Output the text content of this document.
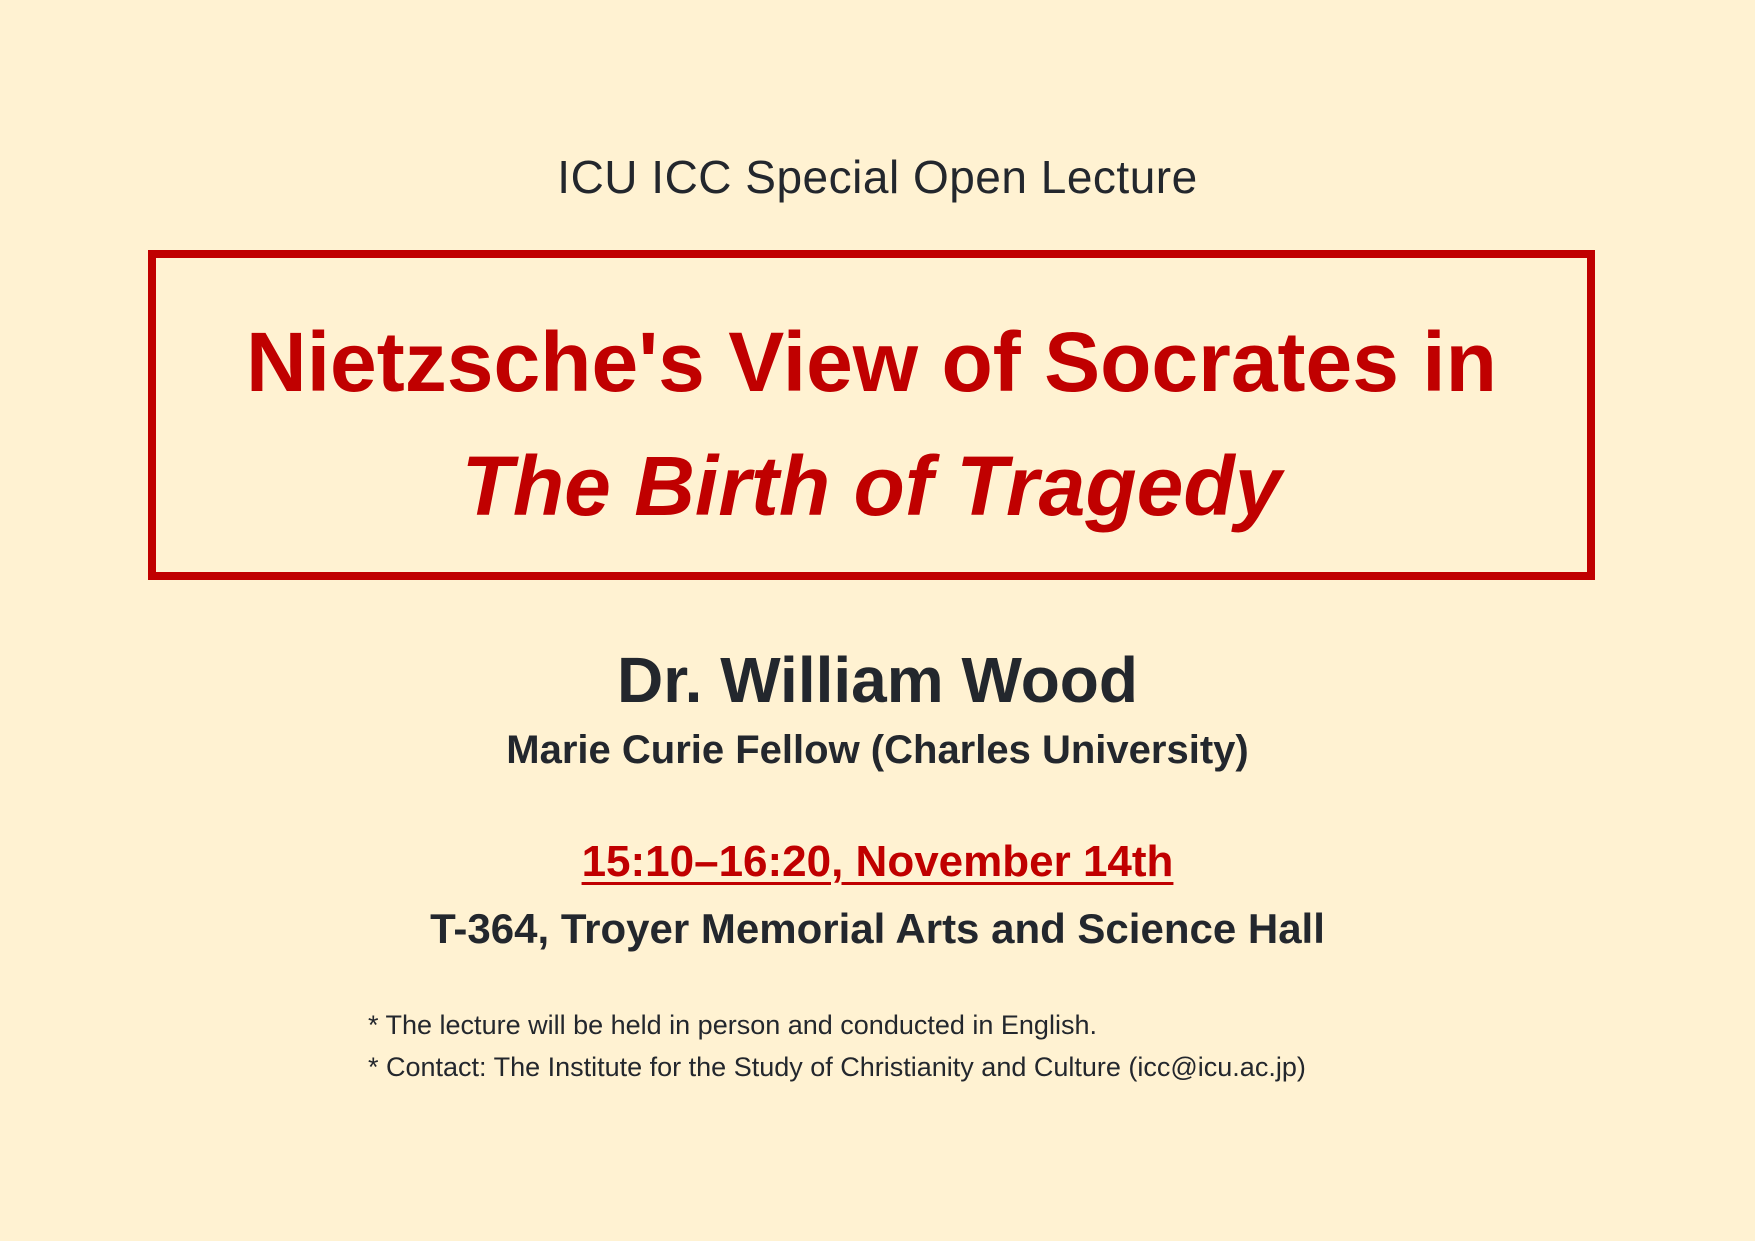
ICU ICC Special Open Lecture
Nietzsche's View of Socrates in
The Birth of Tragedy
Dr. William Wood
Marie Curie Fellow (Charles University)
15:10–16:20, November 14th
T-364, Troyer Memorial Arts and Science Hall
* The lecture will be held in person and conducted in English.
* Contact: The Institute for the Study of Christianity and Culture (icc@icu.ac.jp)
